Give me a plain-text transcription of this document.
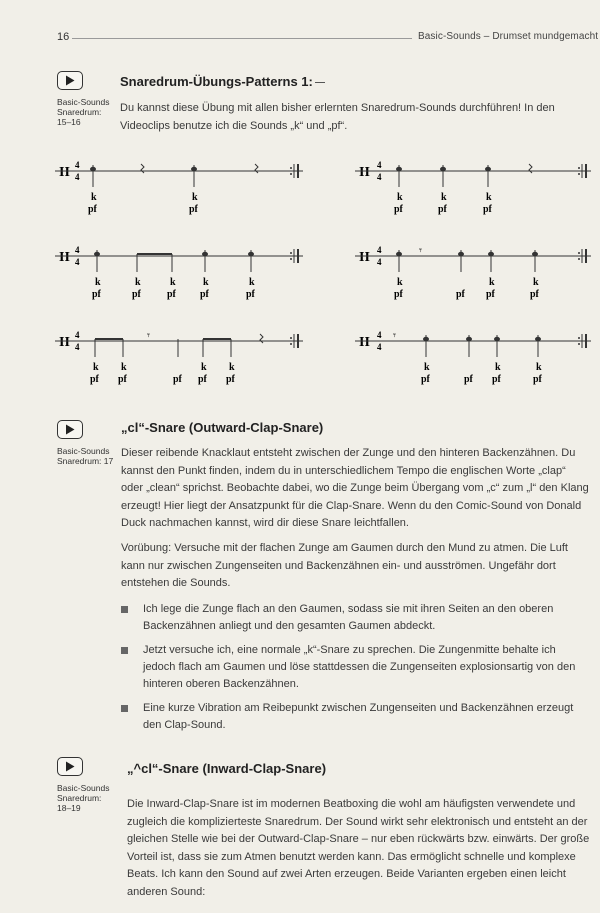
16	Basic-Sounds – Drumset mundgemacht
Basic-Sounds
Snaredrum:
15–16
Snaredrum-Übungs-Patterns 1:

Du kannst diese Übung mit allen bisher erlernten Snaredrum-Sounds durchführen! In den Videoclips benutze ich die Sounds „k“ und „pf“.

II 4
4
k
pf
k
pf
II 4
4
k
pf
k
pf
k
pf
II 4
4
k
pf
k
pf
k
pf
k
pf
k
pf
II 4
4
𝄾
k
pf	pf
k
pf
k
pf
II 4
4
𝄾
k
pf
k
pf	pf
k
pf
k
pf
II 4
4
𝄾
k
pf	pf
k
pf
k
pf
Basic-Sounds
Snaredrum: 17
„cl“-Snare (Outward-Clap-Snare)

Dieser reibende Knacklaut entsteht zwischen der Zunge und den hinteren Backenzähnen. Du kannst den Punkt finden, indem du in unterschiedlichem Tempo die englischen Worte „clap“ oder „clean“ sprichst. Beobachte dabei, wo die Zunge beim Übergang vom „c“ zum „l“ den Klang erzeugt! Hier liegt der Ansatzpunkt für die Clap-Snare. Wenn du den Comic-Sound von Donald Duck nachmachen kannst, wird dir diese Snare leichtfallen.

Vorübung: Versuche mit der flachen Zunge am Gaumen durch den Mund zu atmen. Die Luft kann nur zwischen Zungenseiten und Backenzähnen ein- und ausströmen. Ungefähr dort entstehen die Sounds.

Ich lege die Zunge flach an den Gaumen, sodass sie mit ihren Seiten an den oberen Backenzähnen anliegt und den gesamten Gaumen abdeckt.
Jetzt versuche ich, eine normale „k“-Snare zu sprechen. Die Zungenmitte behalte ich jedoch flach am Gaumen und löse stattdessen die Zungenseiten explosionsartig von den hinteren oberen Backenzähnen.
Eine kurze Vibration am Reibepunkt zwischen Zungenseiten und Backenzähnen erzeugt den Clap-Sound.
Basic-Sounds
Snaredrum:
18–19
„^cl“-Snare (Inward-Clap-Snare)

Die Inward-Clap-Snare ist im modernen Beatboxing die wohl am häufigsten verwendete und zugleich die komplizierteste Snaredrum. Der Sound wirkt sehr elektronisch und entsteht an der gleichen Stelle wie bei der Outward-Clap-Snare – nur eben rückwärts bzw. einwärts. Der große Vorteil ist, dass sie zum Atmen benutzt werden kann. Das ermöglicht schnelle und komplexe Beats. Ich kann den Sound auf zwei Arten erzeugen. Beide Varianten ergeben einen leicht anderen Sound:
